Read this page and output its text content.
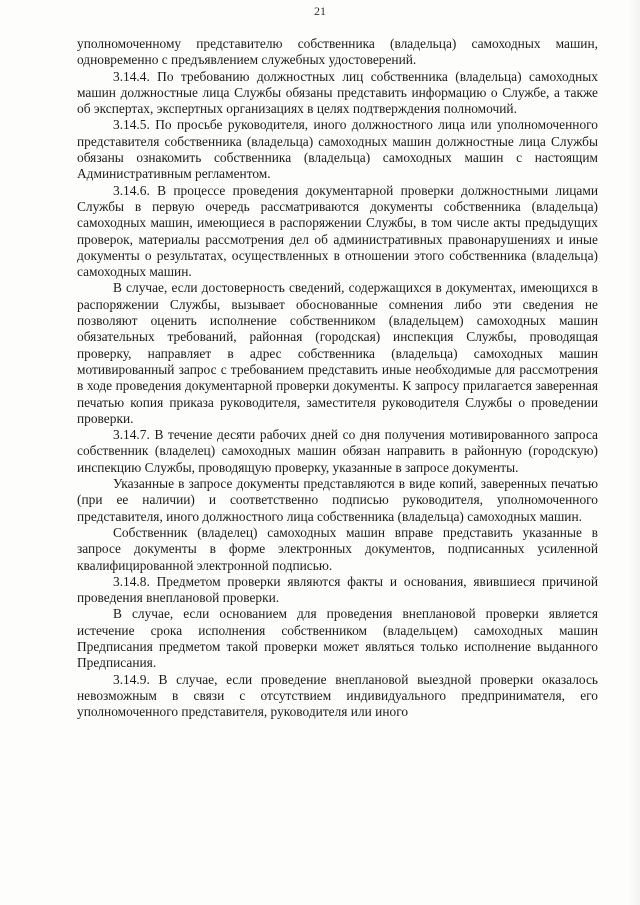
21

уполномоченному представителю собственника (владельца) самоходных машин, одновременно с предъявлением служебных удостоверений.

3.14.4. По требованию должностных лиц собственника (владельца) самоходных машин должностные лица Службы обязаны представить информацию о Службе, а также об экспертах, экспертных организациях в целях подтверждения полномочий.

3.14.5. По просьбе руководителя, иного должностного лица или уполномоченного представителя собственника (владельца) самоходных машин должностные лица Службы обязаны ознакомить собственника (владельца) самоходных машин с настоящим Административным регламентом.

3.14.6. В процессе проведения документарной проверки должностными лицами Службы в первую очередь рассматриваются документы собственника (владельца) самоходных машин, имеющиеся в распоряжении Службы, в том числе акты предыдущих проверок, материалы рассмотрения дел об административных правонарушениях и иные документы о результатах, осуществленных в отношении этого собственника (владельца) самоходных машин.

В случае, если достоверность сведений, содержащихся в документах, имеющихся в распоряжении Службы, вызывает обоснованные сомнения либо эти сведения не позволяют оценить исполнение собственником (владельцем) самоходных машин обязательных требований, районная (городская) инспекция Службы, проводящая проверку, направляет в адрес собственника (владельца) самоходных машин мотивированный запрос с требованием представить иные необходимые для рассмотрения в ходе проведения документарной проверки документы. К запросу прилагается заверенная печатью копия приказа руководителя, заместителя руководителя Службы о проведении проверки.

3.14.7. В течение десяти рабочих дней со дня получения мотивированного запроса собственник (владелец) самоходных машин обязан направить в районную (городскую) инспекцию Службы, проводящую проверку, указанные в запросе документы.

Указанные в запросе документы представляются в виде копий, заверенных печатью (при ее наличии) и соответственно подписью руководителя, уполномоченного представителя, иного должностного лица собственника (владельца) самоходных машин.

Собственник (владелец) самоходных машин вправе представить указанные в запросе документы в форме электронных документов, подписанных усиленной квалифицированной электронной подписью.

3.14.8. Предметом проверки являются факты и основания, явившиеся причиной проведения внеплановой проверки.

В случае, если основанием для проведения внеплановой проверки является истечение срока исполнения собственником (владельцем) самоходных машин Предписания предметом такой проверки может являться только исполнение выданного Предписания.

3.14.9. В случае, если проведение внеплановой выездной проверки оказалось невозможным в связи с отсутствием индивидуального предпринимателя, его уполномоченного представителя, руководителя или иного
